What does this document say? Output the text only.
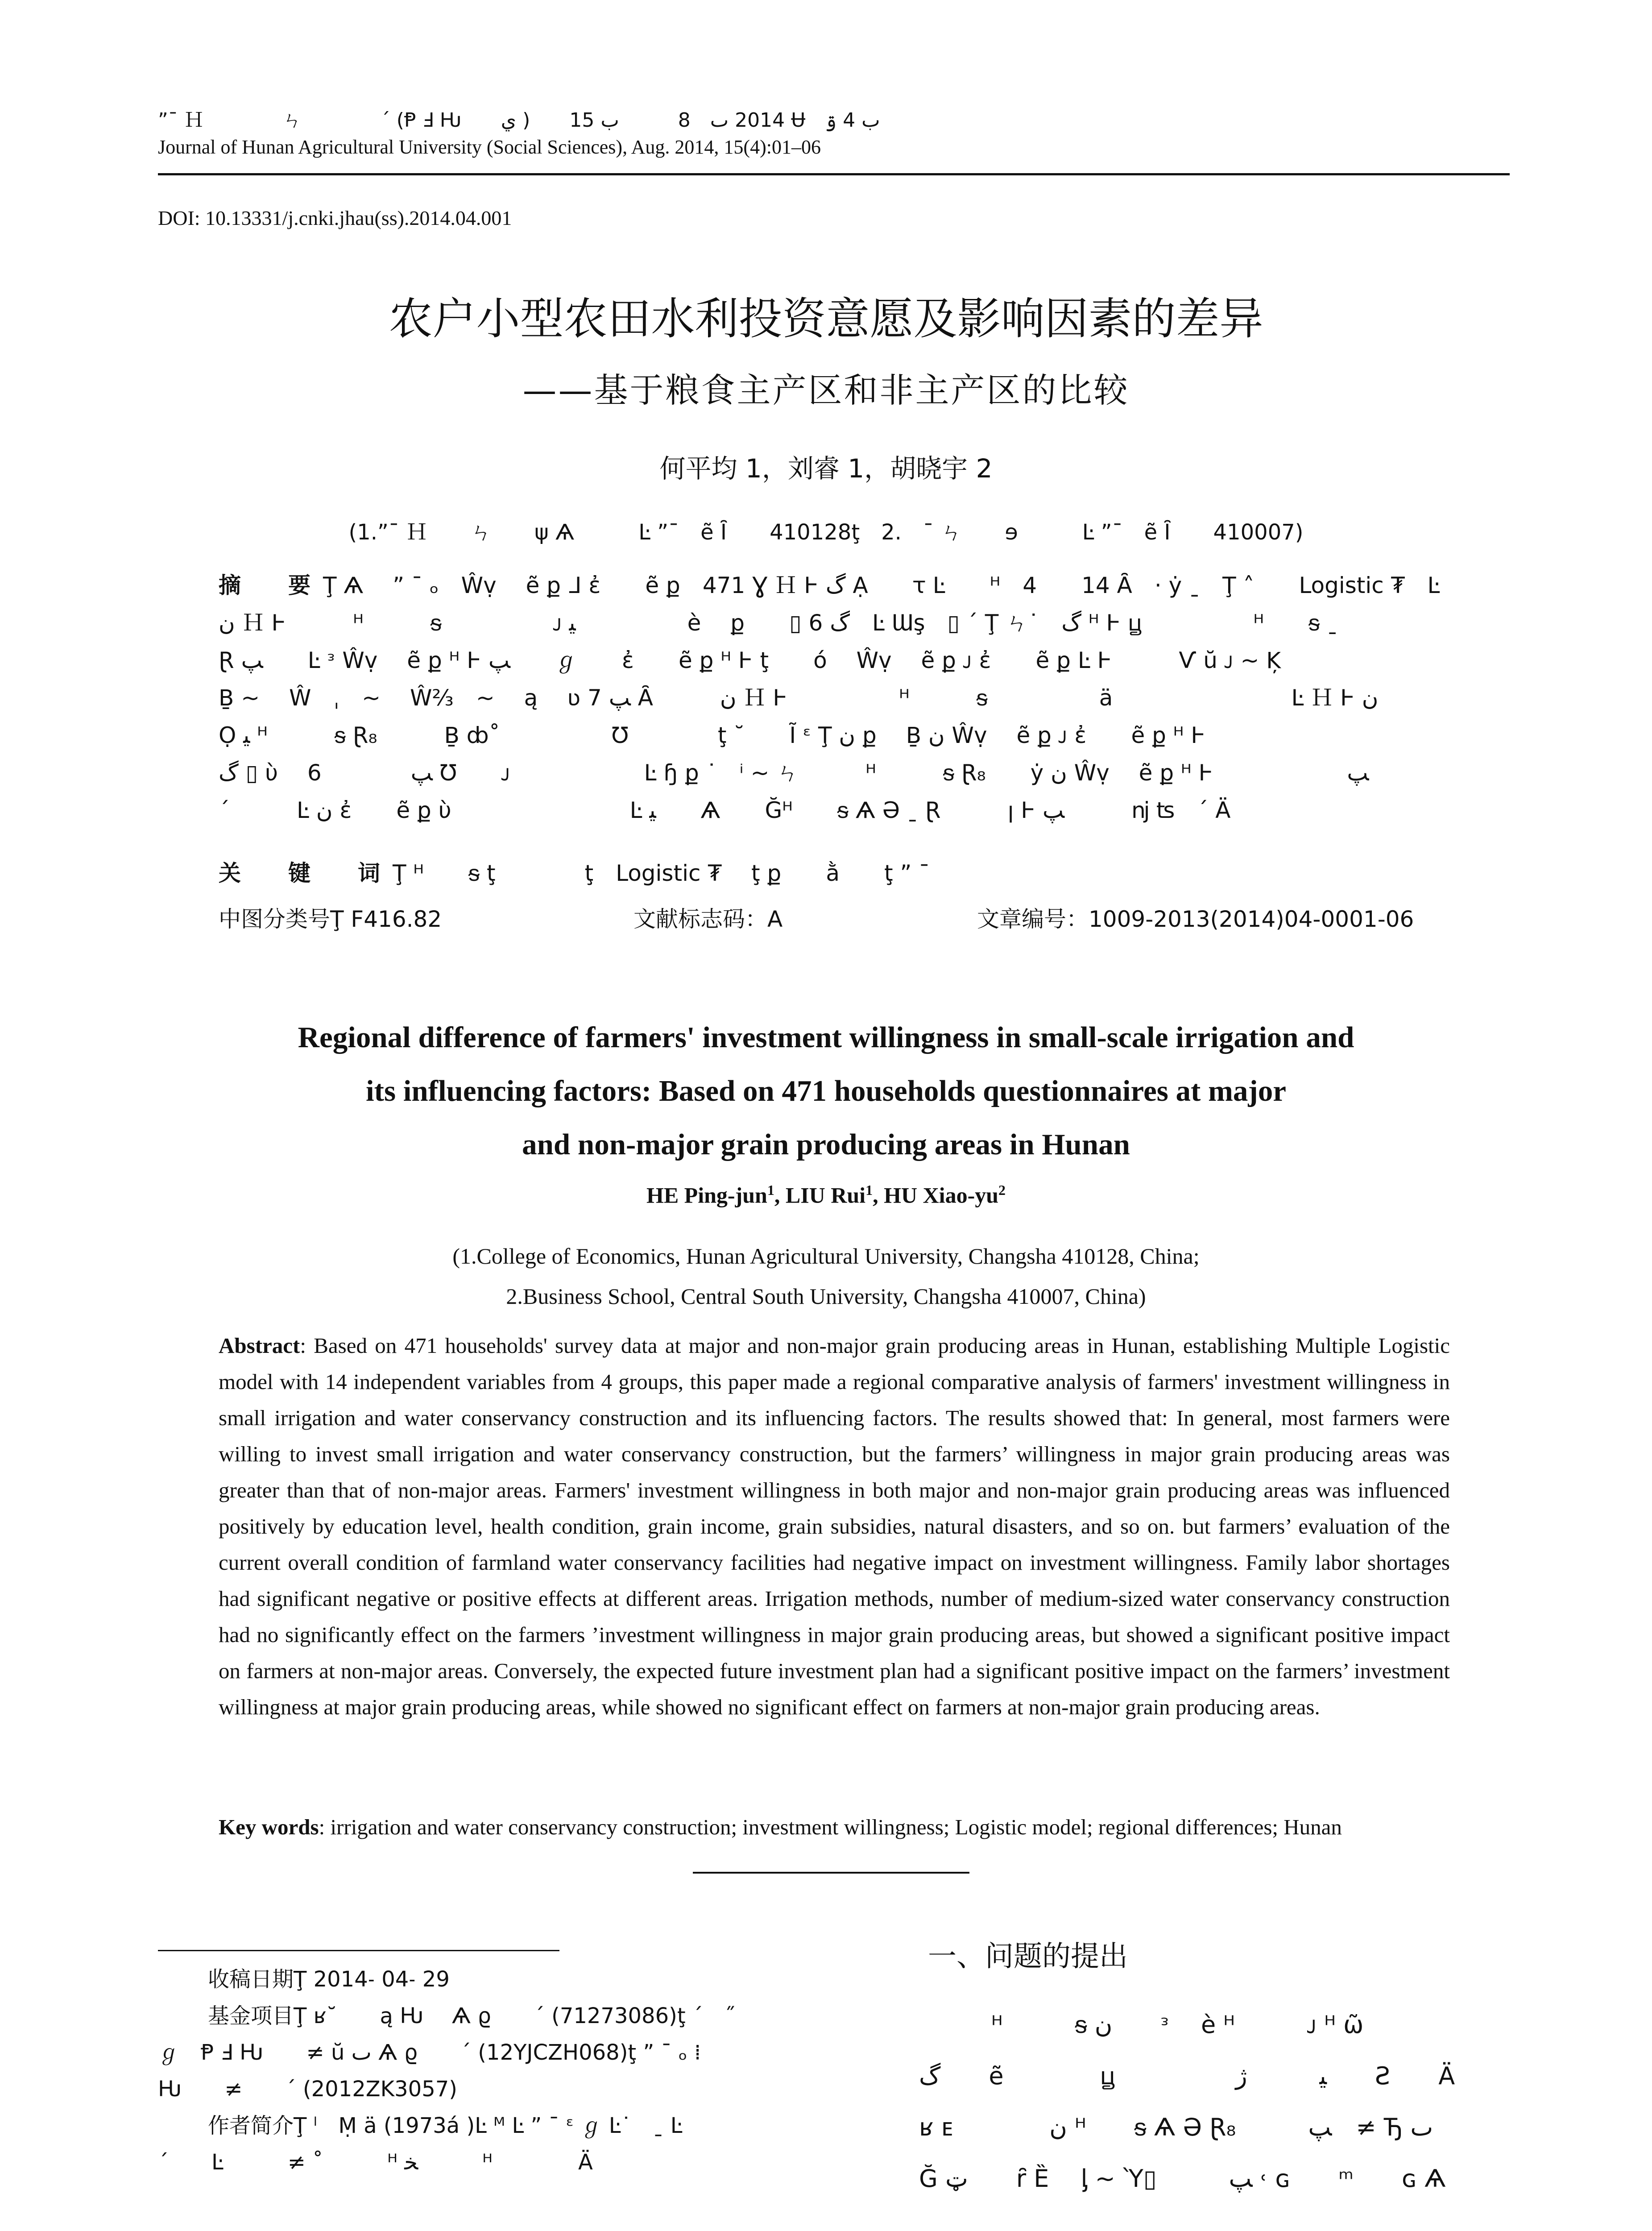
”¯ Ｈ　　　　ㄣ　　　　ˊ (Ᵽ Ⅎ Ƕ　　ي )　　2014 ٮ　8　　　ب 15 Ʉ　ب 4 ۊ
Journal of Hunan Agricultural University (Social Sciences), Aug. 2014, 15(4):01–06
DOI: 10.13331/j.cnki.jhau(ss).2014.04.001
农户小型农田水利投资意愿及影响因素的差异
——基于粮食主产区和非主产区的比较
何平均 1，刘睿 1，胡晓宇 2
(1.”¯ Ｈ　　ㄣ　　ψ Ѧ　　　Ŀ ”¯　ẽ Ȋ　　410128ţ　2.　¯ ㄣ　　ɘ　　　Ŀ ”¯　ẽ Ȋ　　410007)
摘　要Ţ Ѧ　 ” ¯ ₒ　Ŵṿ　 ẽ ք ᒧ ἐ　　ẽ ք　471 Ɣ Ｈ Ⱶ گ Ạ　　ꚍ Ŀ　　ᴴ　4　　14 Ȃ　· ẏ ˍ　Ţ ˄　　Logistic ₮　Ŀ
ﻥ Ｈ Ⱶ　　　ᴴ　　　ᵴ　　　　　ᴊ ﯿ　　　　　è　 ք　　▯ 6 گ　Ŀ Ɯş　▯ ´ Ţ ㄣ˙　گ ᴴ Ⱶ ꚏ　　　　　ᴴ　　ᵴ ˍ
Ɽ ﭗ　　Ŀ ᵌ Ŵṿ　 ẽ ք ᴴ Ⱶ ﭗ　　ℊ　　ἐ　　ẽ ք ᴴ Ⱶ ţ　　ó　 Ŵṿ　 ẽ ք ᴊ ἐ　　ẽ ք Ŀ Ⱶ　　　Ѵ ŭ ᴊ ~ Ķ
Ḇ ~　 Ŵ　ˌ　~　 Ŵ⅔　~　 ą　 ʋ ﭗ 7 Ȃ　　　ﻥ Ｈ Ⱶ　　　　　ᴴ　　　ᵴ　　　　　ä　　　　　　　　Ŀ Ｈ Ⱶ ﻥ
Ọ ﯿ ᴴ　　　ᵴ Ɽ₈　　　Ḇ ȸ˚　　　　　Ʊ　　　　ţ ˘　　Ĩ ᵋ Ţ ﻥ ք　 Ḇ ﻥ Ŵṿ　 ẽ ք ᴊ ἐ　　ẽ ք ᴴ Ⱶ
گ ▯ ὺ　 6　　　　ﭗ Ʊ　　ᴊ　　　　　　Ŀ ɧ ք ˙　ⁱ ~ ㄣ　　　ᴴ　　　ᵴ Ɽ₈　　ẏ ﻥ Ŵṿ　 ẽ ք ᴴ Ⱶ　　　　　　ﭗ
ˊ　　　Ŀ ﻥ ἐ　　ẽ ք ὺ　　　　　　　　Ŀ ﯿ　　Ѧ　　Ğᴴ　　ᵴ Ѧ Ə ˍ Ɽ　　　ꞁ Ⱶ ﭗ　　　ǌ ʦ　ˊ Ä
关　键　词Ţ ᴴ　　ᵴ ţ　　　　ţ　Logistic ₮　 ţ ք　　ằ　　ţ ” ¯
中图分类号Ţ F416.82	文献标志码：A	文章编号：1009-2013(2014)04-0001-06
Regional difference of farmers' investment willingness in small-scale irrigation and
its influencing factors: Based on 471 households questionnaires at major
and non-major grain producing areas in Hunan
HE Ping-jun$^1$, LIU Rui$^1$, HU Xiao-$yu^2$
(1.College of Economics, Hunan Agricultural University, Changsha 410128, China;
2.Business School, Central South University, Changsha 410007, China)
Abstract: Based on 471 households' survey data at major and non-major grain producing areas in Hunan, establishing Multiple Logistic model with 14 independent variables from 4 groups, this paper made a regional comparative analysis of farmers' investment willingness in small irrigation and water conservancy construction and its influencing factors. The results showed that: In general, most farmers were willing to invest small irrigation and water conservancy construction, but the farmers’ willingness in major grain producing areas was greater than that of non-major areas. Farmers' investment willingness in both major and non-major grain producing areas was influenced positively by education level, health condition, grain income, grain subsidies, natural disasters, and so on. but farmers’ evaluation of the current overall condition of farmland water conservancy facilities had negative impact on investment willingness. Family labor shortages had significant negative or positive effects at different areas. Irrigation methods, number of medium-sized water conservancy construction had no significantly effect on the farmers ’investment willingness in major grain producing areas, but showed a significant positive impact on farmers at non-major areas. Conversely, the expected future investment plan had a significant positive impact on the farmers’ investment willingness at major grain producing areas, while showed no significant effect on farmers at non-major grain producing areas.
Key words: irrigation and water conservancy construction; investment willingness; Logistic model; regional differences; Hunan
收稿日期Ţ 2014˗ 04˗ 29
基金项目Ţ ʁ˘　　ą Ƕ　 Ѧ ϱ　　ˊ (71273086)ţ ´　˝
ℊ　Ᵽ Ⅎ Ƕ　　≠ ŭ ٮ Ѧ ϱ　　ˊ (12YJCZH068)ţ ” ¯ ₒ ⁞
Ƕ　　≠　　ˊ (2012ZK3057)
作者简介Ţ ˡ　Ṃ ä (1973á )Ŀ ᴹ Ŀ ” ¯ ᵋ ℊ Ŀ˙　ˍ Ŀ
ˊ　　Ŀ　　　≠ ˚　　　ᴴ ﺨ　　　ᴴ　　　　Ä
一、问题的提出
　　　ᴴ　　　ᵴ ﻥ　　ᵌ　 è ᴴ　　　ᴊ ᴴ ῶ
گ　　ẽ　　　　ꚏ　　　　　ﯿ　　　ژ　　Ƨ　　Ä
ʁ ᴇ　　　　ﻥ ᴴ　　ᵴ Ѧ Ə Ɽ₈　　　ﭗ　≠ Ђ ٮ
Ğ ټ　　ȓ Ȅ　 ᶅ ~ Ὺ▯　　　ﭗ ˓ ɢ　　ᵐ　　ɢ Ѧ
